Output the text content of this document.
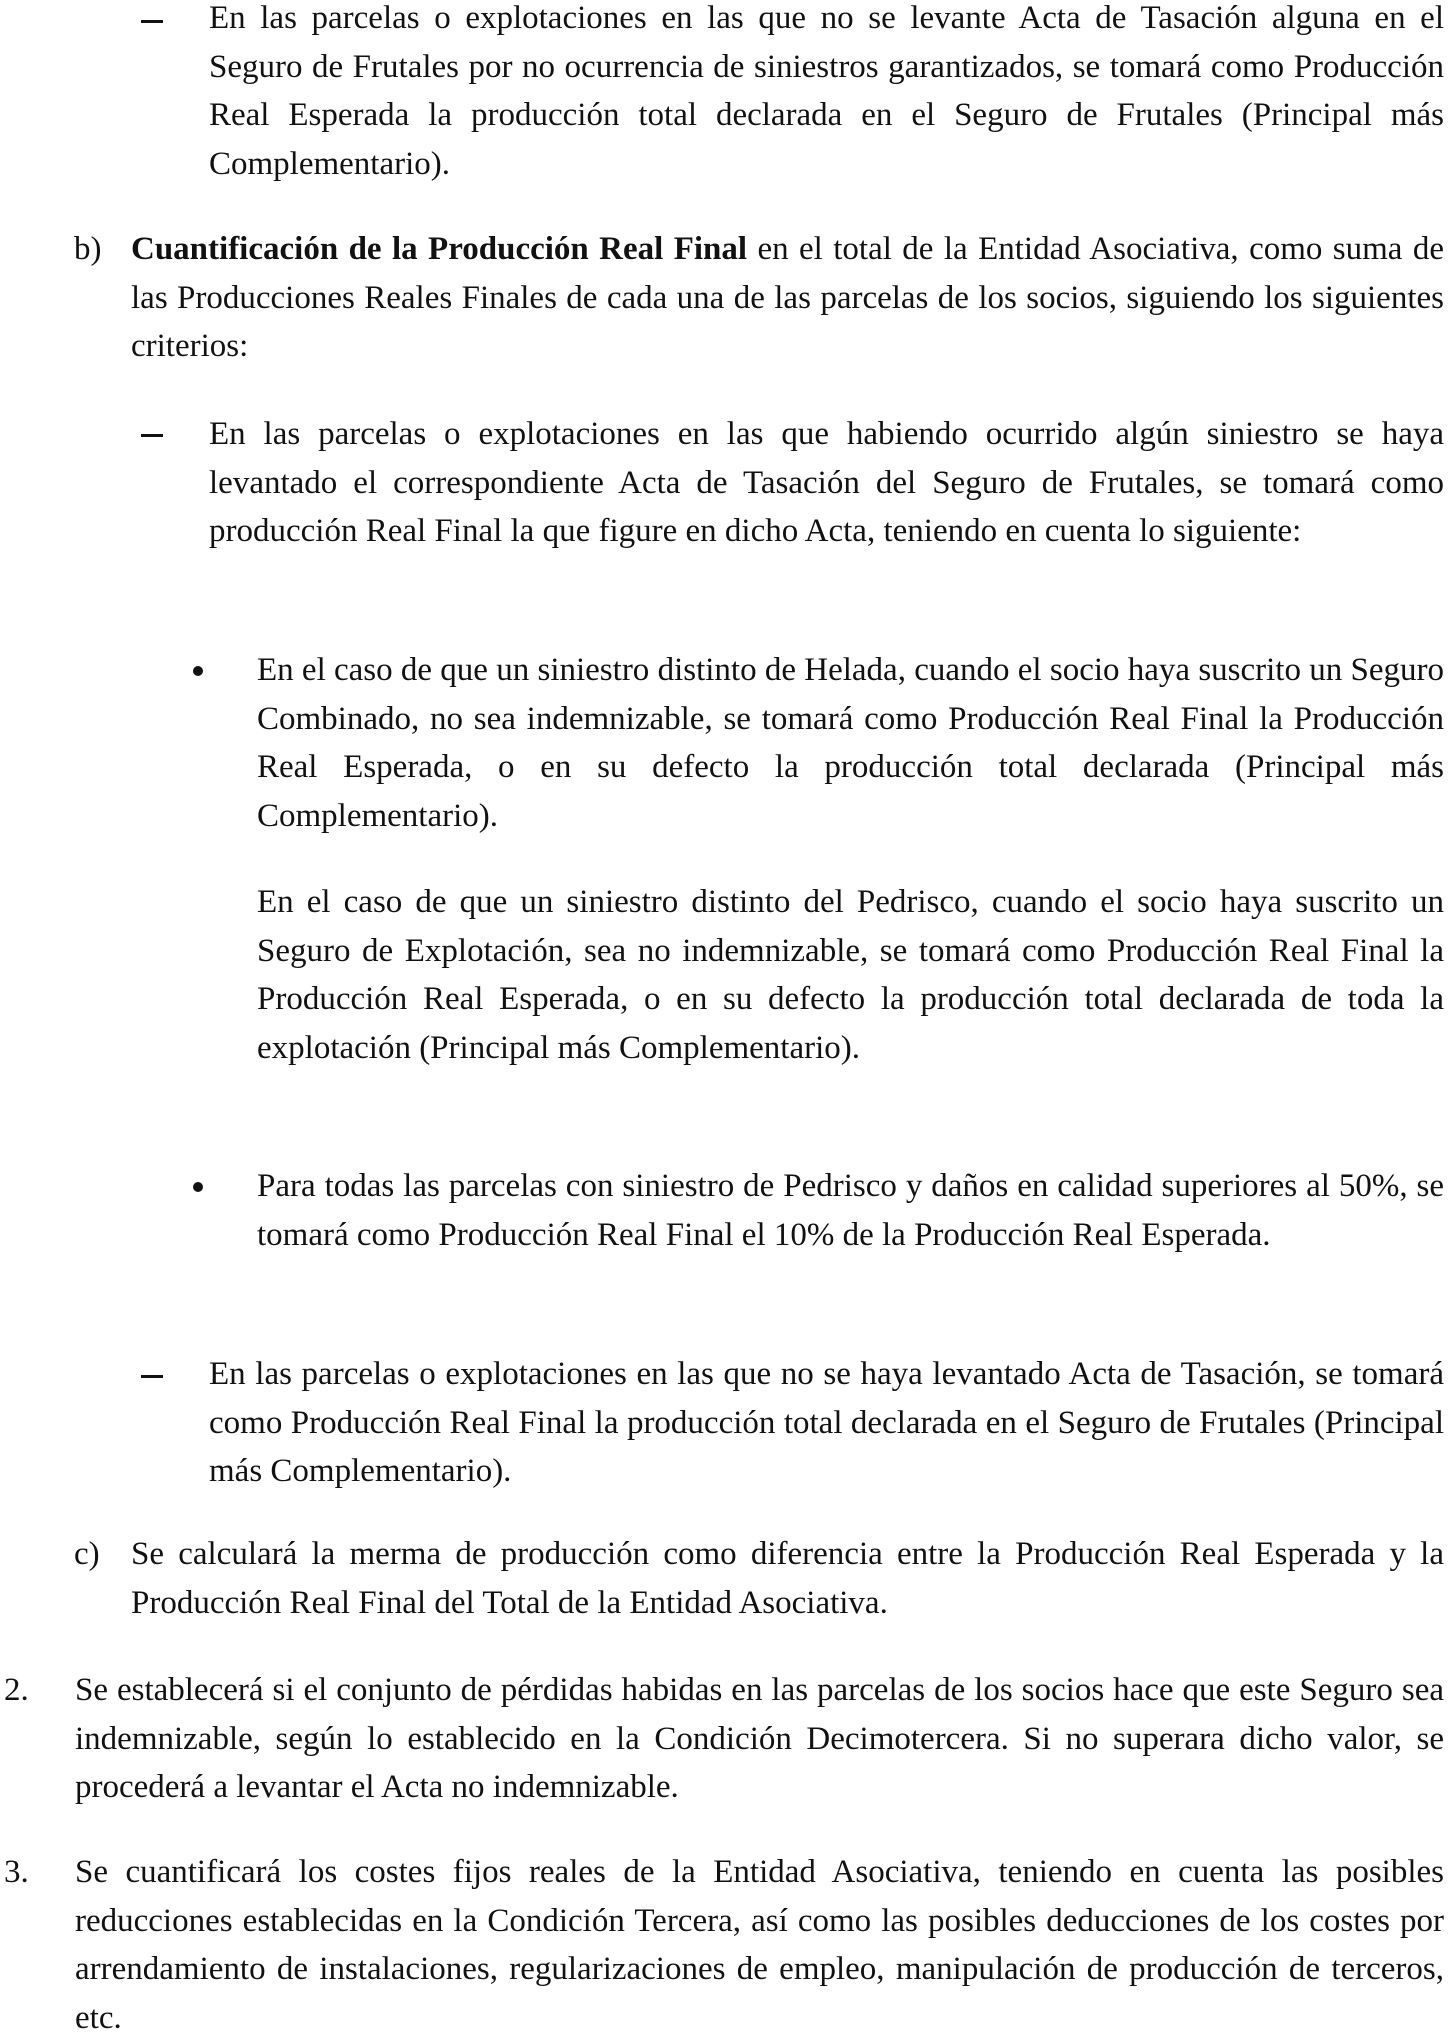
En las parcelas o explotaciones en las que no se levante Acta de Tasación alguna en el Seguro de Frutales por no ocurrencia de siniestros garantizados, se tomará como Producción Real Esperada la producción total declarada en el Seguro de Frutales (Principal más Complementario).

b) Cuantificación de la Producción Real Final en el total de la Entidad Asociativa, como suma de las Producciones Reales Finales de cada una de las parcelas de los socios, siguiendo los siguientes criterios:

En las parcelas o explotaciones en las que habiendo ocurrido algún siniestro se haya levantado el correspondiente Acta de Tasación del Seguro de Frutales, se tomará como producción Real Final la que figure en dicho Acta, teniendo en cuenta lo siguiente:

En el caso de que un siniestro distinto de Helada, cuando el socio haya suscrito un Seguro Combinado, no sea indemnizable, se tomará como Producción Real Final la Producción Real Esperada, o en su defecto la producción total declarada (Principal más Complementario).

En el caso de que un siniestro distinto del Pedrisco, cuando el socio haya suscrito un Seguro de Explotación, sea no indemnizable, se tomará como Producción Real Final la Producción Real Esperada, o en su defecto la producción total declarada de toda la explotación (Principal más Complementario).

Para todas las parcelas con siniestro de Pedrisco y daños en calidad superiores al 50%, se tomará como Producción Real Final el 10% de la Producción Real Esperada.

En las parcelas o explotaciones en las que no se haya levantado Acta de Tasación, se tomará como Producción Real Final la producción total declarada en el Seguro de Frutales (Principal más Complementario).

c) Se calculará la merma de producción como diferencia entre la Producción Real Esperada y la Producción Real Final del Total de la Entidad Asociativa.

2. Se establecerá si el conjunto de pérdidas habidas en las parcelas de los socios hace que este Seguro sea indemnizable, según lo establecido en la Condición Decimotercera. Si no superara dicho valor, se procederá a levantar el Acta no indemnizable.

3. Se cuantificará los costes fijos reales de la Entidad Asociativa, teniendo en cuenta las posibles reducciones establecidas en la Condición Tercera, así como las posibles deducciones de los costes por arrendamiento de instalaciones, regularizaciones de empleo, manipulación de producción de terceros, etc.
